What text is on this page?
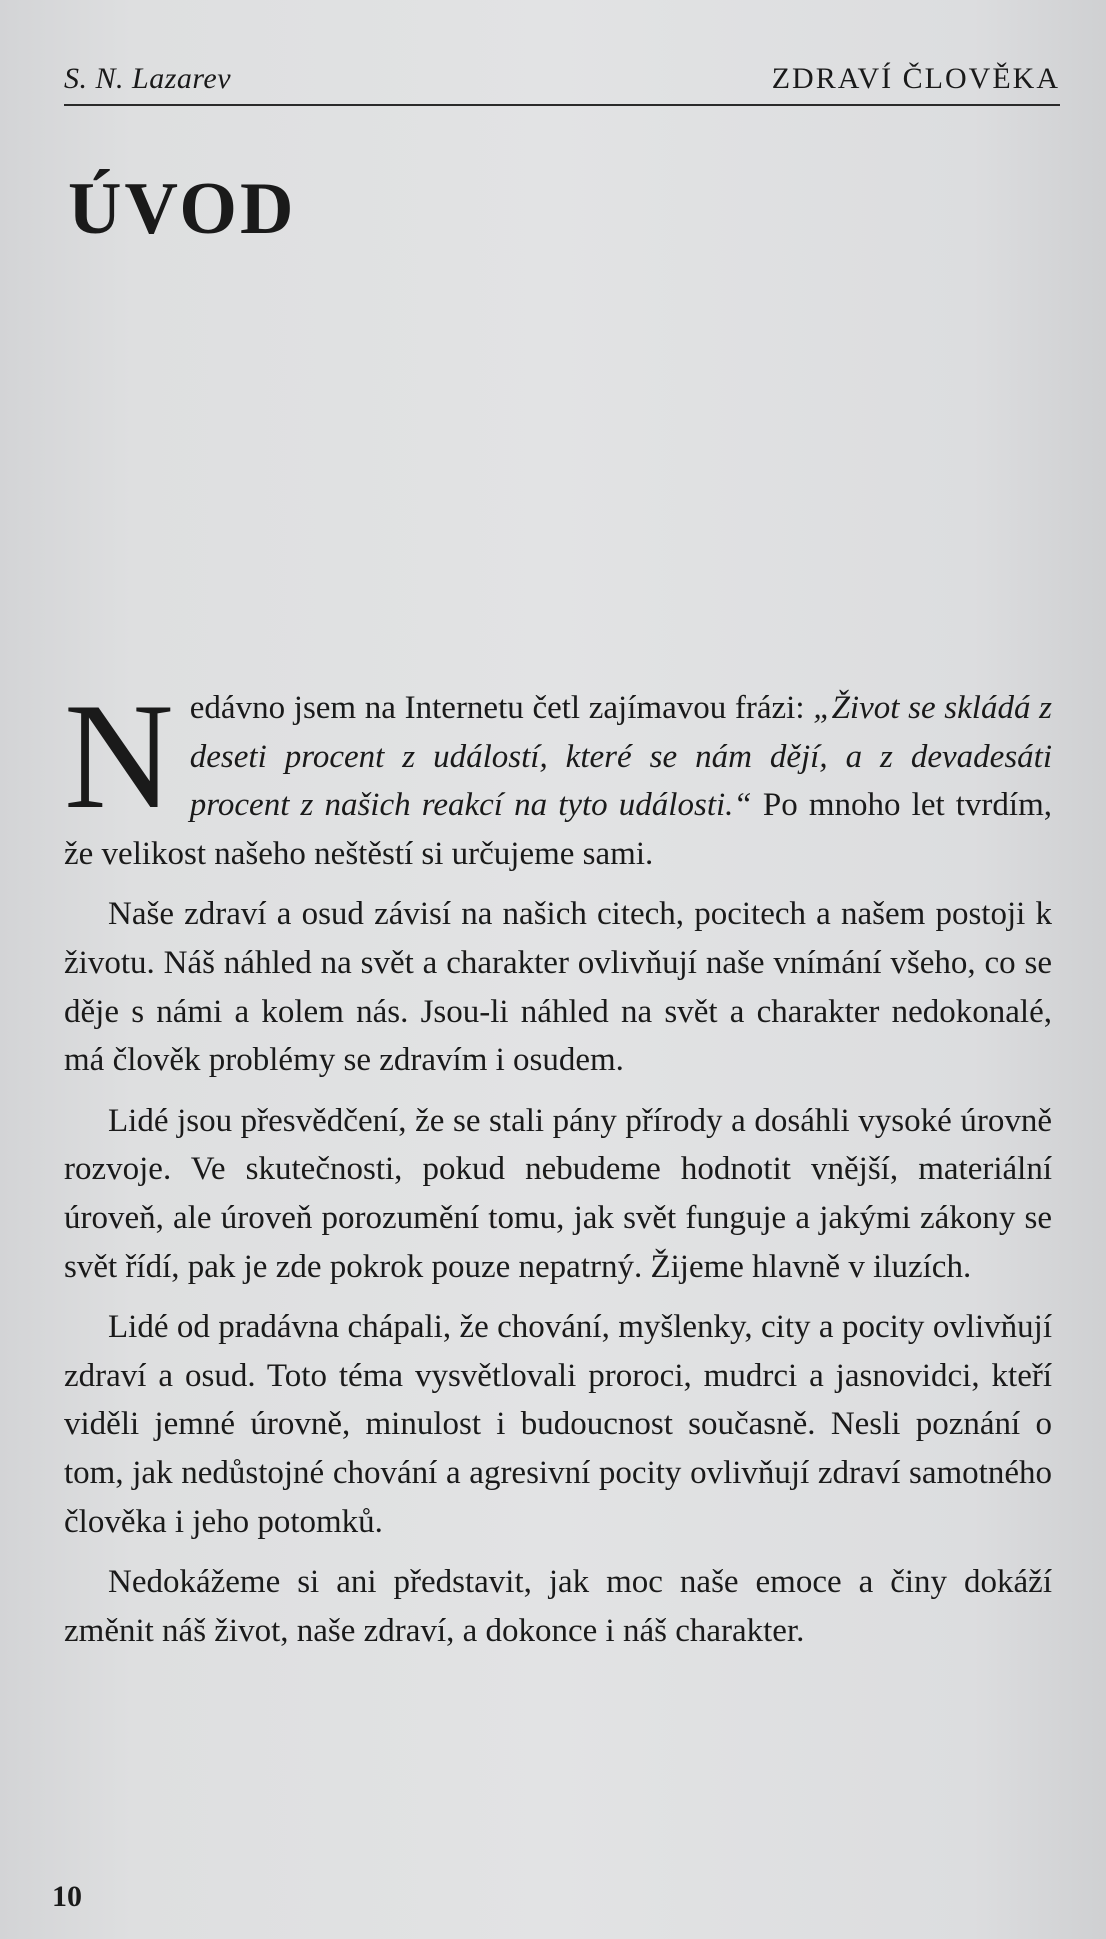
S. N. Lazarev	ZDRAVÍ ČLOVĚKA
ÚVOD

Nedávno jsem na Internetu četl zajímavou frázi: „Život se skládá z deseti procent z událostí, které se nám dějí, a z devadesáti procent z našich reakcí na tyto události.“ Po mnoho let tvrdím, že velikost našeho neštěstí si určujeme sami.

Naše zdraví a osud závisí na našich citech, pocitech a našem postoji k životu. Náš náhled na svět a charakter ovlivňují naše vnímání všeho, co se děje s námi a kolem nás. Jsou-li náhled na svět a charakter nedokonalé, má člověk problémy se zdravím i osudem.

Lidé jsou přesvědčení, že se stali pány přírody a dosáhli vysoké úrovně rozvoje. Ve skutečnosti, pokud nebudeme hodnotit vnější, materiální úroveň, ale úroveň porozumění tomu, jak svět funguje a jakými zákony se svět řídí, pak je zde pokrok pouze nepatrný. Žijeme hlavně v iluzích.

Lidé od pradávna chápali, že chování, myšlenky, city a pocity ovlivňují zdraví a osud. Toto téma vysvětlovali proroci, mudrci a jasnovidci, kteří viděli jemné úrovně, minulost i budoucnost současně. Nesli poznání o tom, jak nedůstojné chování a agresivní pocity ovlivňují zdraví samotného člověka i jeho potomků.

Nedokážeme si ani představit, jak moc naše emoce a činy dokáží změnit náš život, naše zdraví, a dokonce i náš charakter.

10
